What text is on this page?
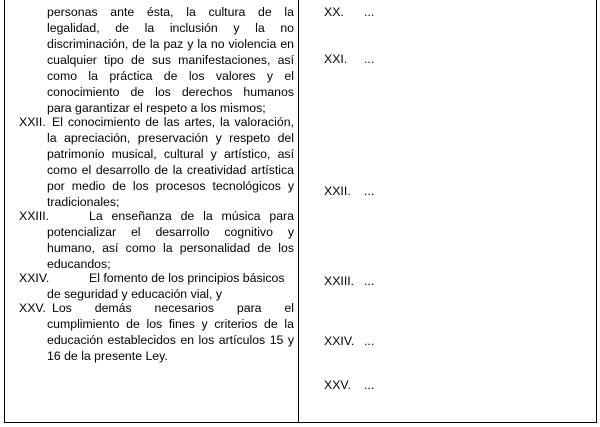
personas ante ésta, la cultura de la
legalidad, de la inclusión y la no
discriminación, de la paz y la no violencia en
cualquier tipo de sus manifestaciones, así
como la práctica de los valores y el
conocimiento de los derechos humanos
para garantizar el respeto a los mismos;
XXII. El conocimiento de las artes, la valoración,
la apreciación, preservación y respeto del
patrimonio musical, cultural y artístico, así
como el desarrollo de la creatividad artística
por medio de los procesos tecnológicos y
tradicionales;
XXIII.	La enseñanza de la música para
potencializar el desarrollo cognitivo y
humano, así como la personalidad de los
educandos;
XXIV.	El fomento de los principios básicos
de seguridad y educación vial, y
XXV. Los demás necesarios para el
cumplimiento de los fines y criterios de la
educación establecidos en los artículos 15 y
16 de la presente Ley.
XX. ...
XXI. ...
XXII. ...
XXIII. ...
XXIV. ...
XXV. ...
